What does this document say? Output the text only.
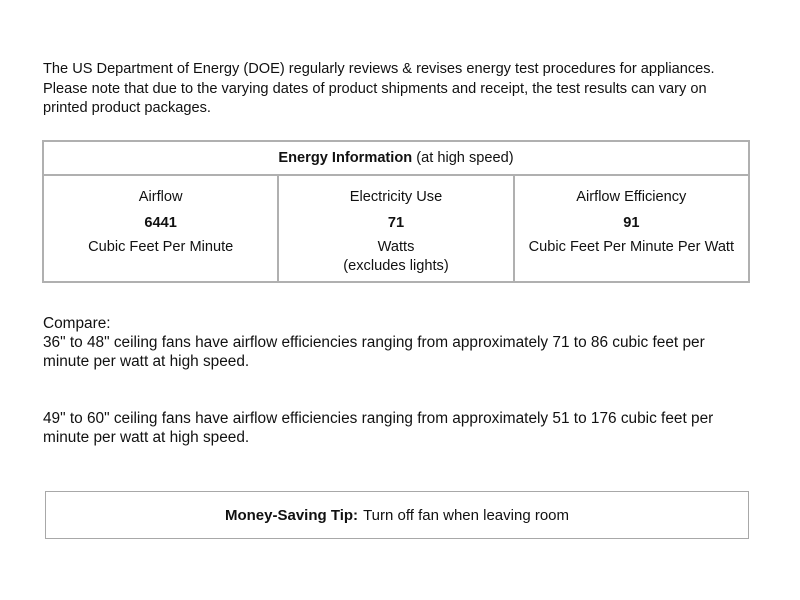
The US Department of Energy (DOE) regularly reviews & revises energy test procedures for appliances.
Please note that due to the varying dates of product shipments and receipt, the test results can vary on
printed product packages.
Energy Information
(at high speed)
Airflow
6441
Cubic Feet Per Minute
Electricity Use
71
Watts
(excludes lights)
Airflow Efficiency
91
Cubic Feet Per Minute Per Watt
Compare:
36" to 48" ceiling fans have airflow efficiencies ranging from approximately 71 to 86 cubic feet per
minute per watt at high speed.
49" to 60" ceiling fans have airflow efficiencies ranging from approximately 51 to 176 cubic feet per
minute per watt at high speed.
Money-Saving Tip: Turn off fan when leaving room
